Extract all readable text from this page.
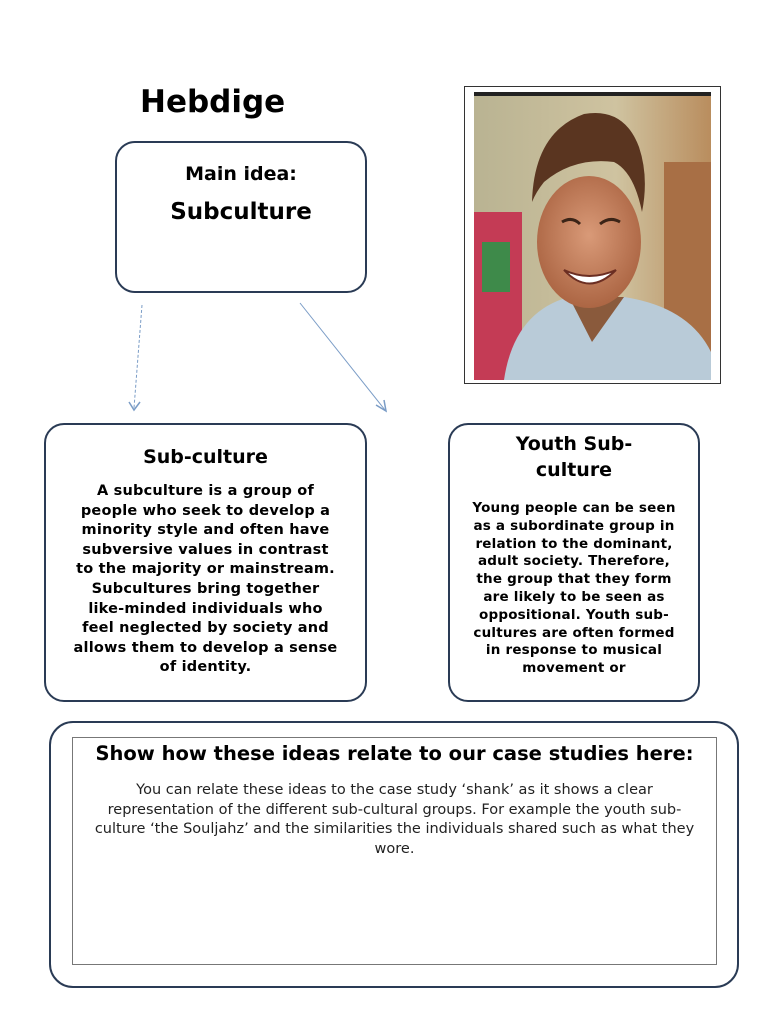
Hebdige
Main idea:
Subculture
Sub-culture
A subculture is a group of people who seek to develop a minority style and often have subversive values in contrast to the majority or mainstream. Subcultures bring together like-minded individuals who feel neglected by society and allows them to develop a sense of identity.
Youth Sub-culture
Young people can be seen as a subordinate group in relation to the dominant, adult society. Therefore, the group that they form are likely to be seen as oppositional. Youth sub-cultures are often formed in response to musical movement or
Show how these ideas relate to our case studies here:
You can relate these ideas to the case study ‘shank’ as it shows a clear representation of the different sub-cultural groups. For example the youth sub-culture ‘the Souljahz’ and the similarities the individuals shared such as what they wore.
